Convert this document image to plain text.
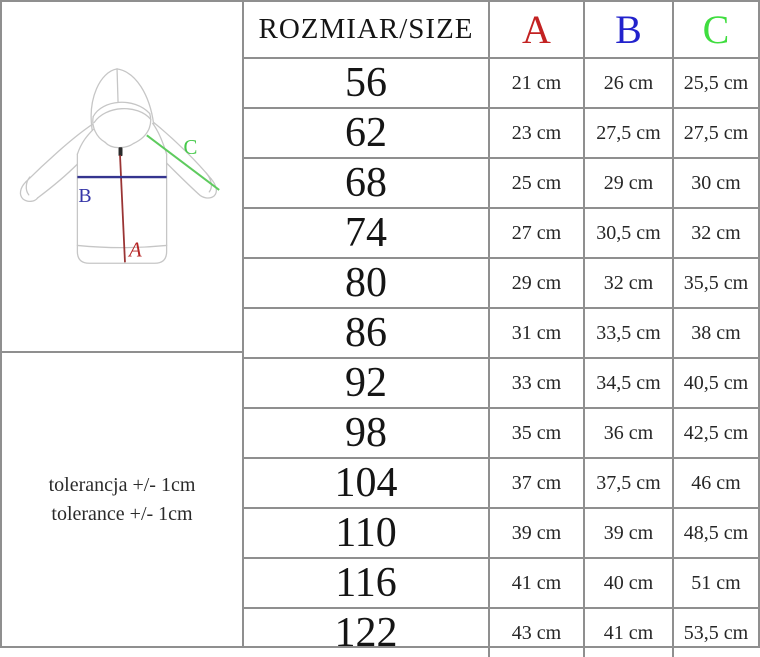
A
B
C
tolerancja +/- 1cm
tolerance +/- 1cm
ROZMIAR/SIZE	A	B	C
56	21 cm	26 cm	25,5 cm
62	23 cm	27,5 cm	27,5 cm
68	25 cm	29 cm	30 cm
74	27 cm	30,5 cm	32 cm
80	29 cm	32 cm	35,5 cm
86	31 cm	33,5 cm	38 cm
92	33 cm	34,5 cm	40,5 cm
98	35 cm	36 cm	42,5 cm
104	37 cm	37,5 cm	46 cm
110	39 cm	39 cm	48,5 cm
116	41 cm	40 cm	51 cm
122	43 cm	41 cm	53,5 cm
